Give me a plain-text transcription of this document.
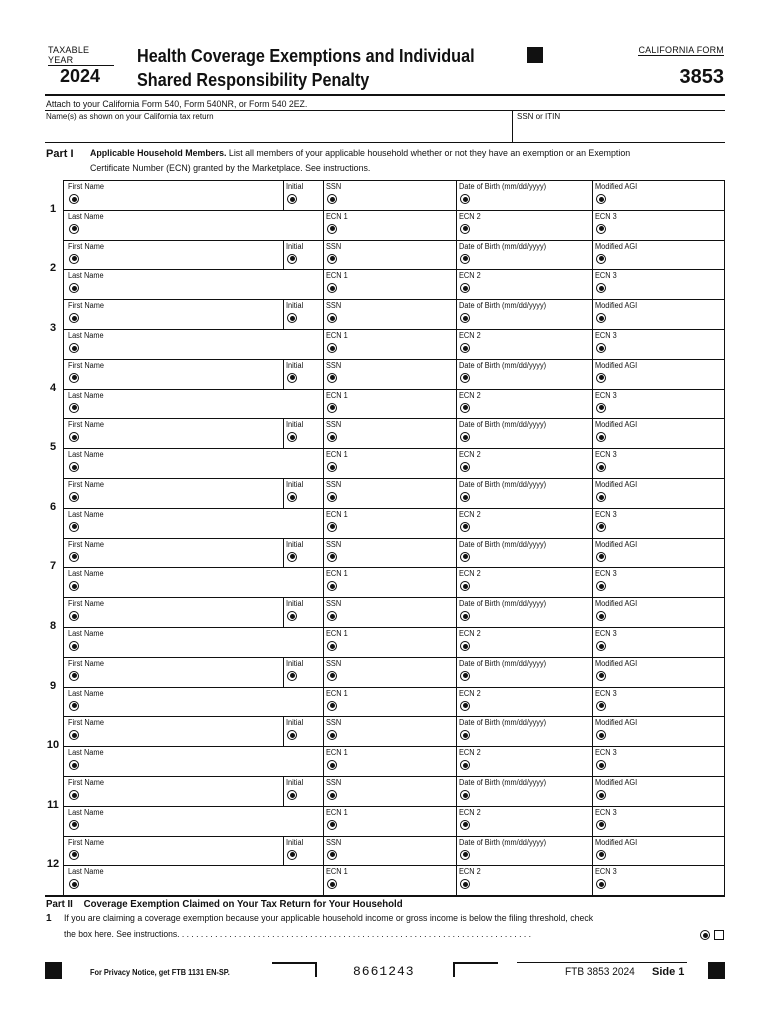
TAXABLE YEAR
2024
Health Coverage Exemptions and Individual
Shared Responsibility Penalty
CALIFORNIA FORM
3853
Attach to your California Form 540, Form 540NR, or Form 540 2EZ.
Name(s) as shown on your California tax return	SSN or ITIN
Part I Applicable Household Members. List all members of your applicable household whether or not they have an exemption or an Exemption
Certificate Number (ECN) granted by the Marketplace. See instructions.
1
First Name	Initial	SSN	Date of Birth (mm/dd/yyyy)	Modified AGI
Last Name	ECN 1	ECN 2	ECN 3
2
First Name	Initial	SSN	Date of Birth (mm/dd/yyyy)	Modified AGI
Last Name	ECN 1	ECN 2	ECN 3
3
First Name	Initial	SSN	Date of Birth (mm/dd/yyyy)	Modified AGI
Last Name	ECN 1	ECN 2	ECN 3
4
First Name	Initial	SSN	Date of Birth (mm/dd/yyyy)	Modified AGI
Last Name	ECN 1	ECN 2	ECN 3
5
First Name	Initial	SSN	Date of Birth (mm/dd/yyyy)	Modified AGI
Last Name	ECN 1	ECN 2	ECN 3
6
First Name	Initial	SSN	Date of Birth (mm/dd/yyyy)	Modified AGI
Last Name	ECN 1	ECN 2	ECN 3
7
First Name	Initial	SSN	Date of Birth (mm/dd/yyyy)	Modified AGI
Last Name	ECN 1	ECN 2	ECN 3
8
First Name	Initial	SSN	Date of Birth (mm/dd/yyyy)	Modified AGI
Last Name	ECN 1	ECN 2	ECN 3
9
First Name	Initial	SSN	Date of Birth (mm/dd/yyyy)	Modified AGI
Last Name	ECN 1	ECN 2	ECN 3
10
First Name	Initial	SSN	Date of Birth (mm/dd/yyyy)	Modified AGI
Last Name	ECN 1	ECN 2	ECN 3
11
First Name	Initial	SSN	Date of Birth (mm/dd/yyyy)	Modified AGI
Last Name	ECN 1	ECN 2	ECN 3
12
First Name	Initial	SSN	Date of Birth (mm/dd/yyyy)	Modified AGI
Last Name	ECN 1	ECN 2	ECN 3
Part II Coverage Exemption Claimed on Your Tax Return for Your Household
1 If you are claiming a coverage exemption because your applicable household income or gross income is below the filing threshold, check
the box here. See instructions. . . . . . . . . . . . . . . . . . . . . . . . . . . . . . . . . . . . . . . . . . . . . . . . . . . . . . . . . . . . . . . . . . . . . . . . . . .
For Privacy Notice, get FTB 1131 EN-SP.	8661243	FTB 3853 2024 Side 1
